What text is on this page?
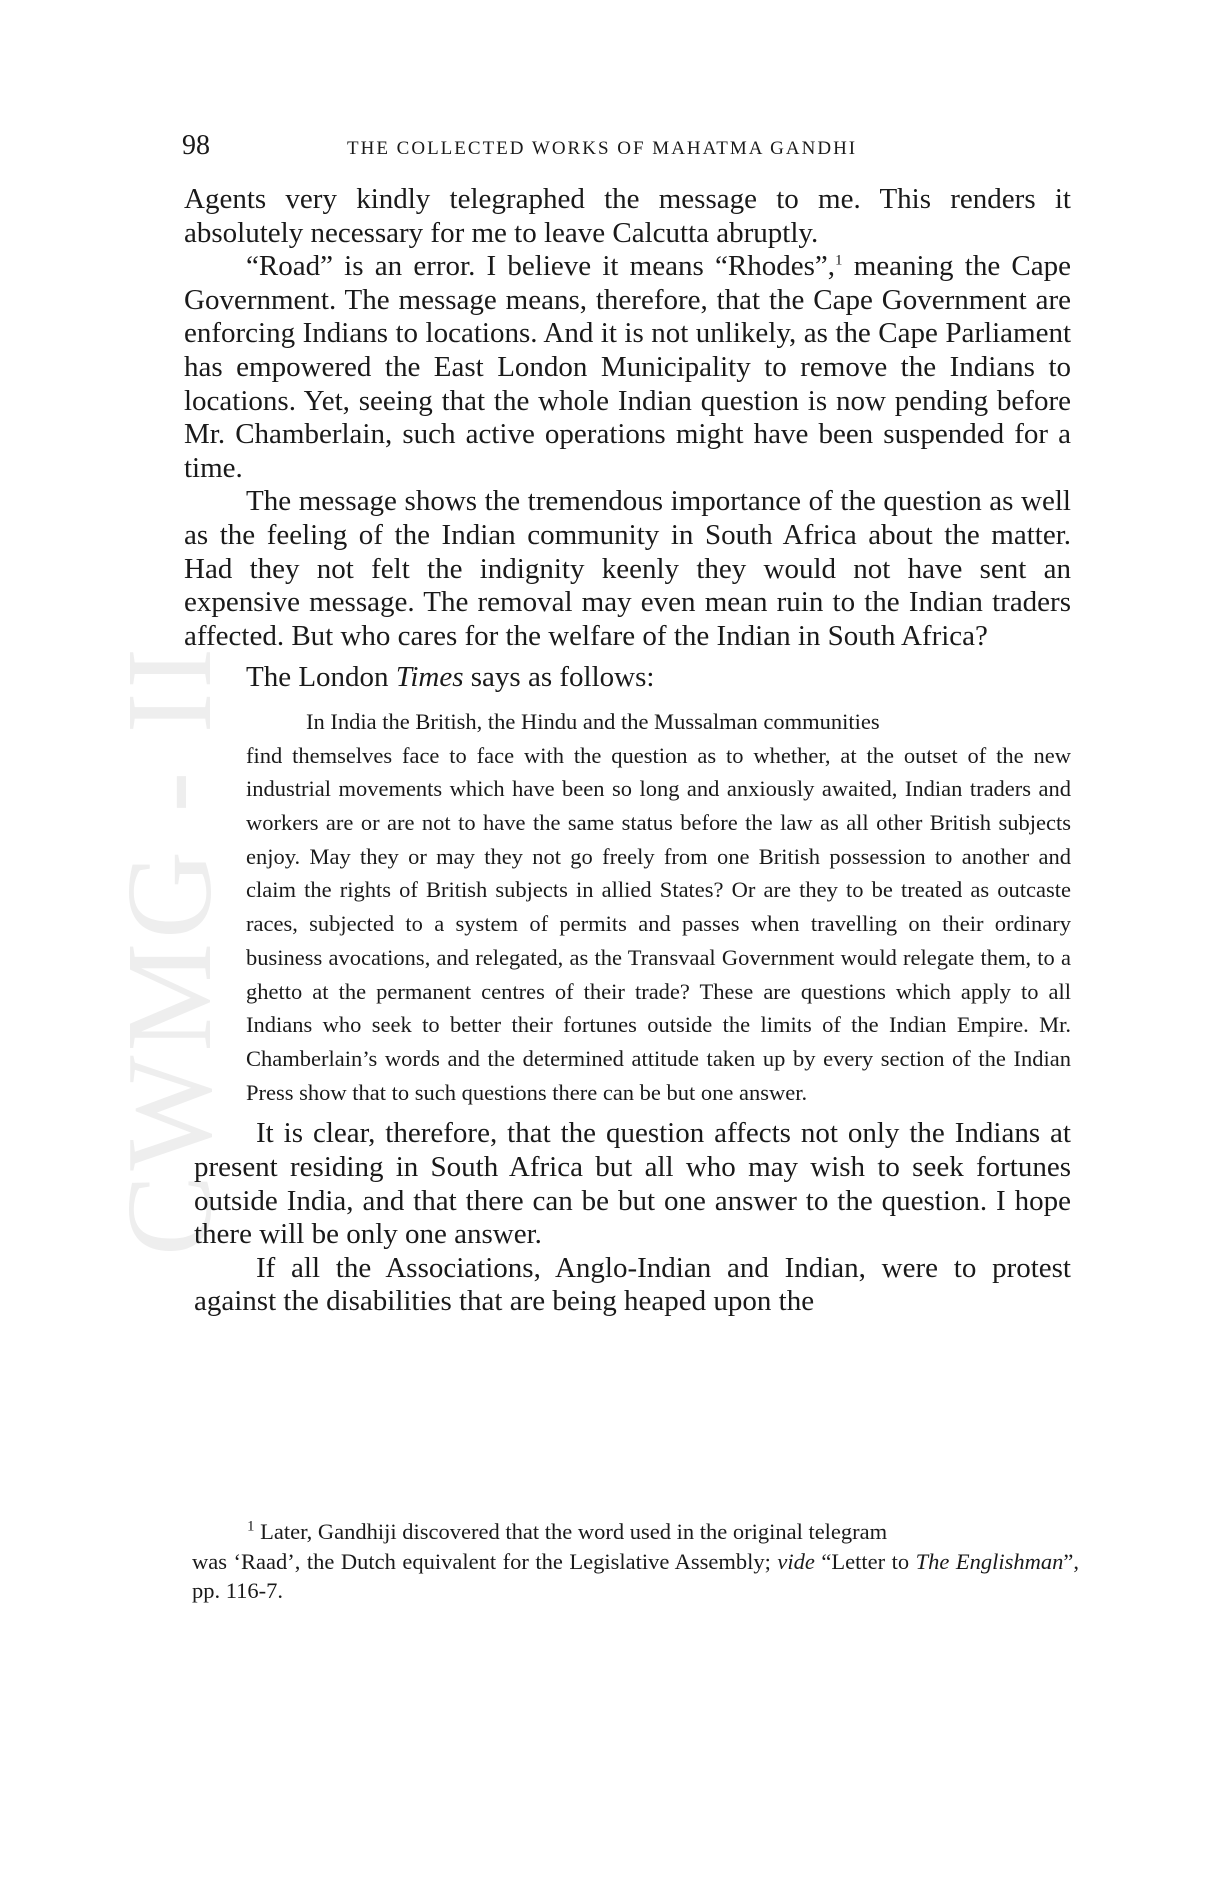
CWMG - II
98	THE COLLECTED WORKS OF MAHATMA GANDHI

Agents very kindly telegraphed the message to me. This renders it absolutely necessary for me to leave Calcutta abruptly.

“Road” is an error. I believe it means “Rhodes”,$^1$ meaning the Cape Government. The message means, therefore, that the Cape Government are enforcing Indians to locations. And it is not unlikely, as the Cape Parliament has empowered the East London Municipality to remove the Indians to locations. Yet, seeing that the whole Indian question is now pending before Mr. Chamberlain, such active operations might have been suspended for a time.

The message shows the tremendous importance of the question as well as the feeling of the Indian community in South Africa about the matter. Had they not felt the indignity keenly they would not have sent an expensive message. The removal may even mean ruin to the Indian traders affected. But who cares for the welfare of the Indian in South Africa?

The London Times says as follows:

In India the British, the Hindu and the Mussalman communities
find themselves face to face with the question as to whether, at the outset of the new industrial movements which have been so long and anxiously awaited, Indian traders and workers are or are not to have the same status before the law as all other British subjects enjoy. May they or may they not go freely from one British possession to another and claim the rights of British subjects in allied States? Or are they to be treated as outcaste races, subjected to a system of permits and passes when travelling on their ordinary business avocations, and relegated, as the Transvaal Government would relegate them, to a ghetto at the permanent centres of their trade? These are questions which apply to all Indians who seek to better their fortunes outside the limits of the Indian Empire. Mr. Chamberlain’s words and the determined attitude taken up by every section of the Indian Press show that to such questions there can be but one answer.

It is clear, therefore, that the question affects not only the Indians at present residing in South Africa but all who may wish to seek fortunes outside India, and that there can be but one answer to the question. I hope there will be only one answer.

If all the Associations, Anglo-Indian and Indian, were to protest against the disabilities that are being heaped upon the

$^1$ Later, Gandhiji discovered that the word used in the original telegram
was ‘Raad’, the Dutch equivalent for the Legislative Assembly; vide “Letter to The Englishman”, pp. 116-7.
